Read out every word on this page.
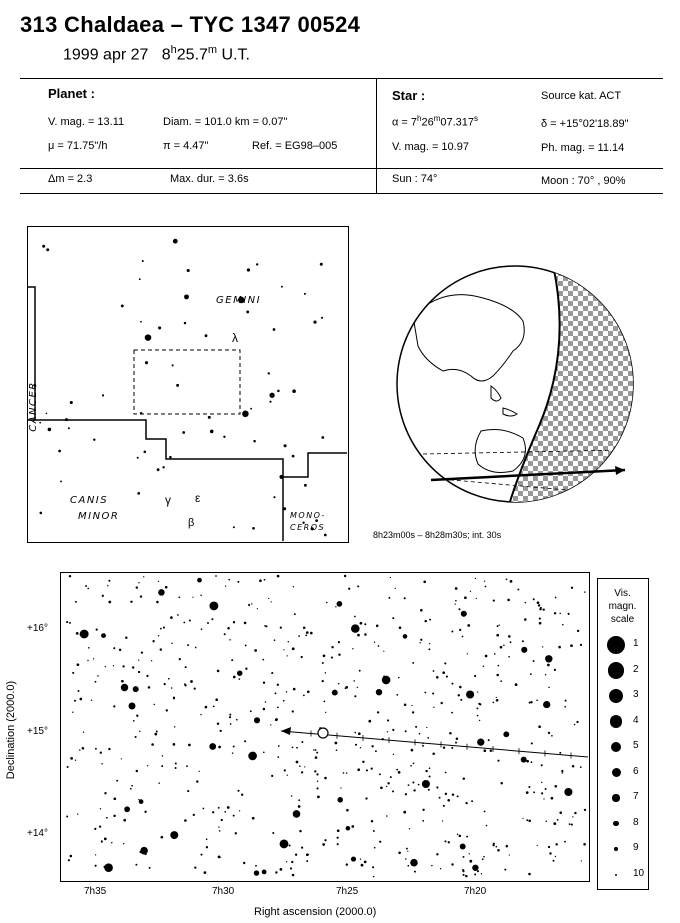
313 Chaldaea – TYC 1347 00524
1999 apr 27 8$^h$25.7$^m$ U.T.
Planet :
V. mag. = 13.11	Diam. = 101.0 km = 0.07"
μ = 71.75"/h	π = 4.47"	Ref. = EG98–005
Δm = 2.3	Max. dur. = 3.6s
Star :	Source kat. ACT
$\alpha = 7^h26^m07.317^s$	δ = +15°02'18.89"
V. mag. = 10.97	Ph. mag. = 11.14
Sun : 74°	Moon : 70° , 90%
GEMINI
CANCER
CANIS
MINOR	MONO-
CEROS
λ
γ ε
β
8h23m00s – 8h28m30s; int. 30s
+16°
+15°
+14°
7h35	7h30	7h25	7h20
Declination (2000.0)
Right ascension (2000.0)
Vis.
magn.
scale
1
2
3
4
5
6
7
8
9
10
